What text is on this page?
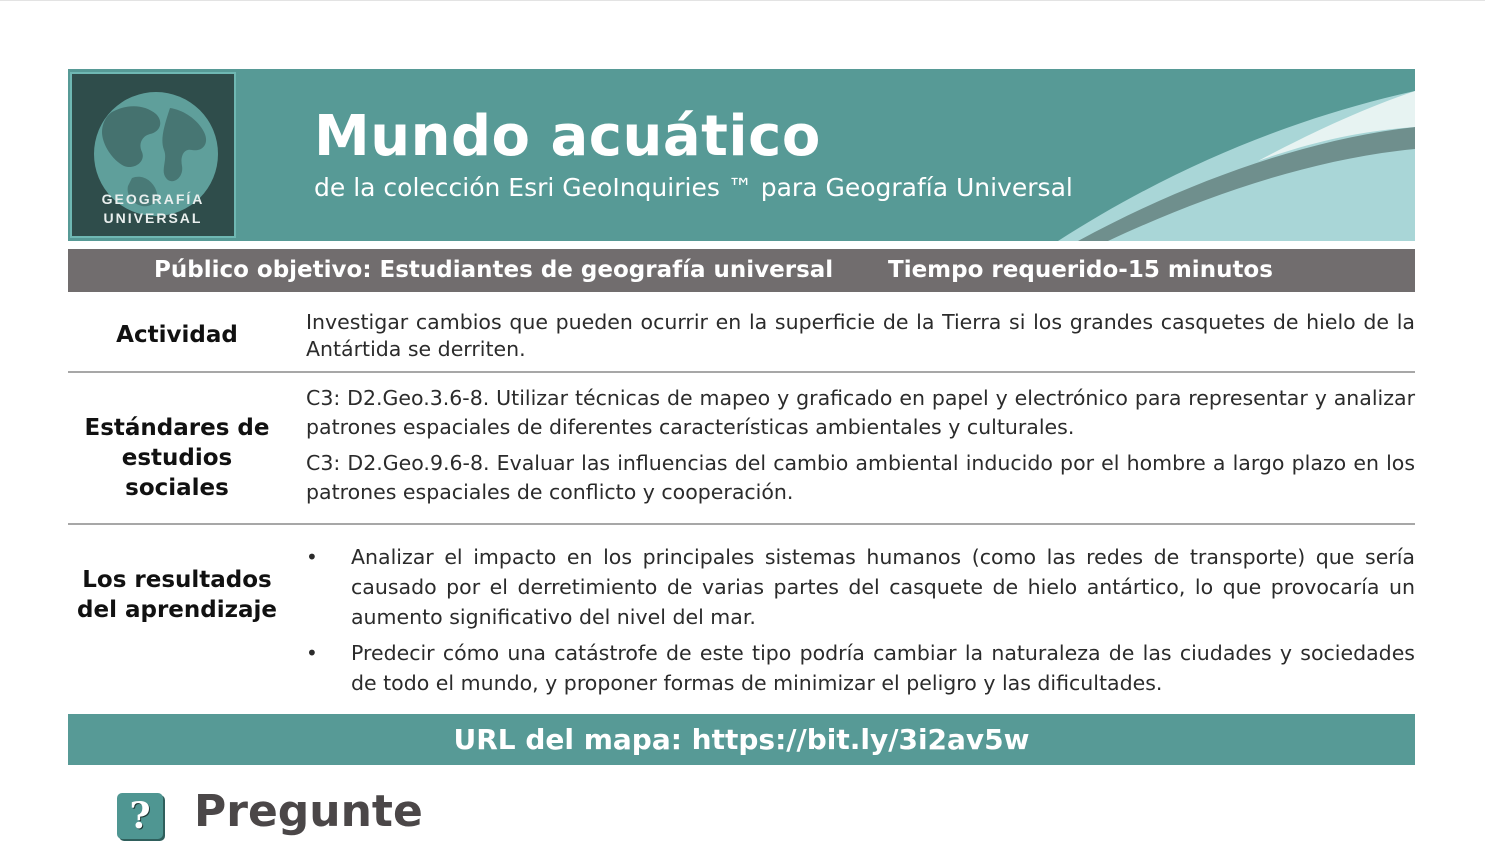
GEOGRAFÍA
UNIVERSAL
Mundo acuático
de la colección Esri GeoInquiries ™ para Geografía Universal
Público objetivo: Estudiantes de geografía universal Tiempo requerido-15 minutos
Actividad	Investigar cambios que pueden ocurrir en la superficie de la Tierra si los grandes casquetes de hielo de la Antártida se derriten.
Estándares de
estudios sociales
C3: D2.Geo.3.6-8. Utilizar técnicas de mapeo y graficado en papel y electrónico para representar y analizar patrones espaciales de diferentes características ambientales y culturales.
C3: D2.Geo.9.6-8. Evaluar las influencias del cambio ambiental inducido por el hombre a largo plazo en los patrones espaciales de conflicto y cooperación.
Los resultados
del aprendizaje
• Analizar el impacto en los principales sistemas humanos (como las redes de transporte) que sería causado por el derretimiento de varias partes del casquete de hielo antártico, lo que provocaría un aumento significativo del nivel del mar.
• Predecir cómo una catástrofe de este tipo podría cambiar la naturaleza de las ciudades y sociedades de todo el mundo, y proponer formas de minimizar el peligro y las dificultades.
URL del mapa: https://bit.ly/3i2av5w
? Pregunte
